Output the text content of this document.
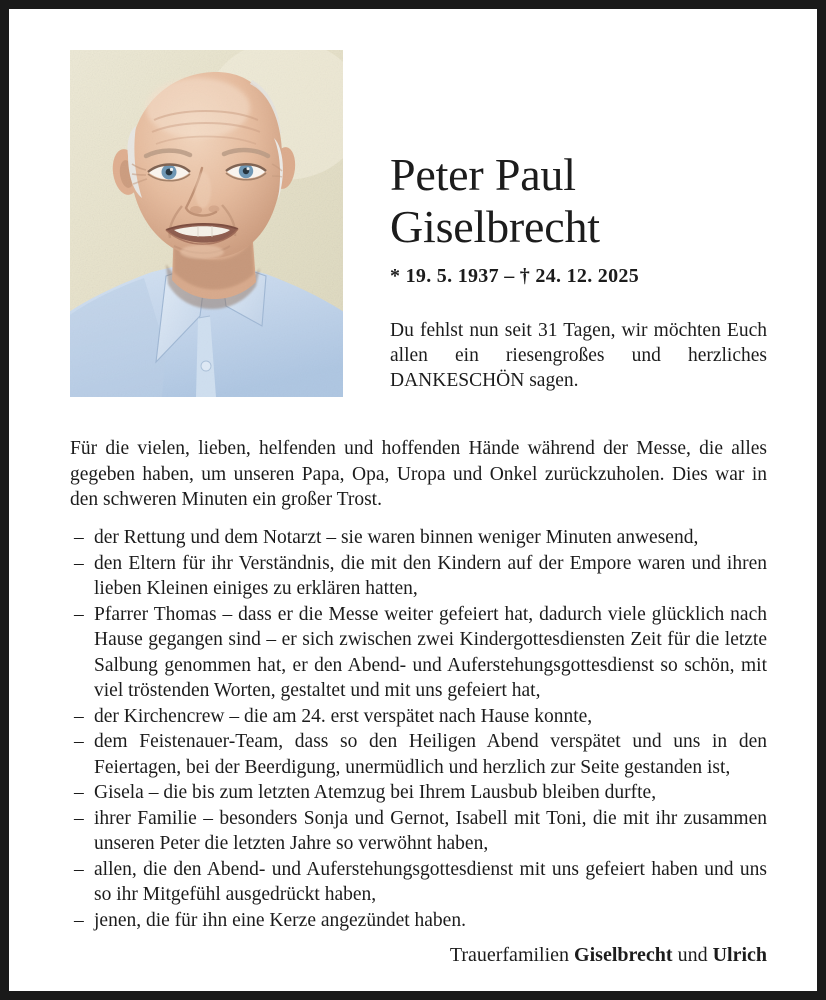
Peter Paul
Giselbrecht
* 19. 5. 1937 – † 24. 12. 2025
Du fehlst nun seit 31 Tagen, wir möchten Euch allen ein riesengroßes und herzliches DANKESCHÖN sagen.
Für die vielen, lieben, helfenden und hoffenden Hände während der Messe, die alles gegeben haben, um unseren Papa, Opa, Uropa und Onkel zurückzuholen. Dies war in den schweren Minuten ein großer Trost.
– der Rettung und dem Notarzt – sie waren binnen weniger Minuten anwesend,
– den Eltern für ihr Verständnis, die mit den Kindern auf der Empore waren und ihren lieben Kleinen einiges zu erklären hatten,
– Pfarrer Thomas – dass er die Messe weiter gefeiert hat, dadurch viele glücklich nach Hause gegangen sind – er sich zwischen zwei Kindergottesdiensten Zeit für die letzte Salbung genommen hat, er den Abend- und Auferstehungsgottesdienst so schön, mit viel tröstenden Worten, gestaltet und mit uns gefeiert hat,
– der Kirchencrew – die am 24. erst verspätet nach Hause konnte,
– dem Feistenauer-Team, dass so den Heiligen Abend verspätet und uns in den Feiertagen, bei der Beerdigung, unermüdlich und herzlich zur Seite gestanden ist,
– Gisela – die bis zum letzten Atemzug bei Ihrem Lausbub bleiben durfte,
– ihrer Familie – besonders Sonja und Gernot, Isabell mit Toni, die mit ihr zusammen unseren Peter die letzten Jahre so verwöhnt haben,
– allen, die den Abend- und Auferstehungsgottesdienst mit uns gefeiert haben und uns so ihr Mitgefühl ausgedrückt haben,
– jenen, die für ihn eine Kerze angezündet haben.
Trauerfamilien Giselbrecht und Ulrich
